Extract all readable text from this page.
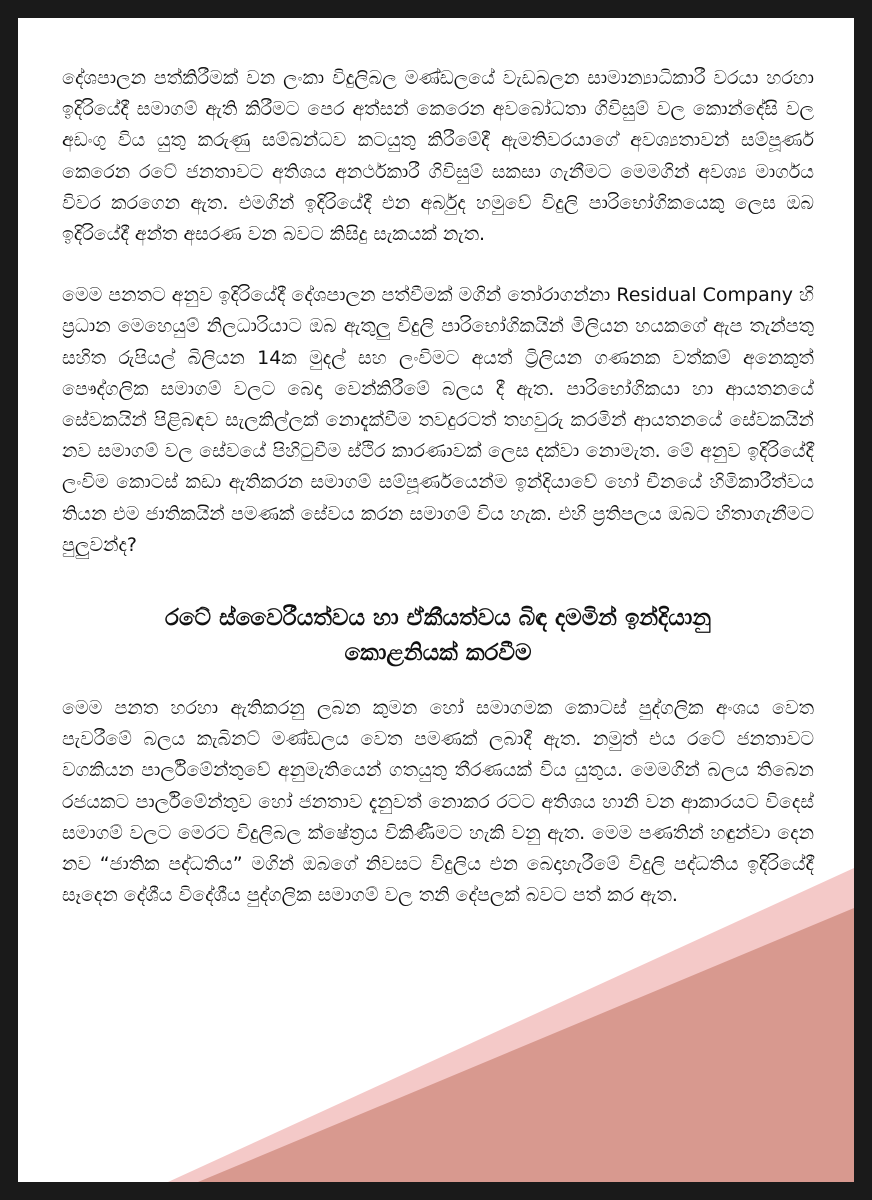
දේශපාලන පත්කිරීමක් වන ලංකා විදුලිබල මණ්ඩලයේ වැඩබලන සාමාන්‍යාධිකාරී වරයා හරහා ඉදිරියේදී සමාගම් ඇති කිරීමට පෙර අත්සන් කෙරෙන අවබෝධතා ගිවිසුම් වල කොන්දේසි වල අඩංගු විය යුතු කරුණු සම්බන්ධව කටයුතු කිරීමේදී ඇමතිවරයාගේ අවශ්‍යතාවන් සම්පූර්ණ කෙරෙන රටේ ජනතාවට අතිශය අනර්ථකාරී ගිවිසුම් සකසා ගැනීමට මෙමගින් අවශ්‍ය මාර්ගය විවර කරගෙන ඇත. එමගින් ඉදිරියේදී එන අර්බුද හමුවේ විදුලි පාරිභෝගිකයෙකු ලෙස ඔබ ඉදිරියේදී අන්ත අසරණ වන බවට කිසිදු සැකයක් නැත.

මෙම පනතට අනුව ඉදිරියේදී දේශපාලන පත්වීමක් මගින් තෝරාගන්නා Residual Company හි ප්‍රධාන මෙහෙයුම් නිලධාරියාට ඔබ ඇතුලු විදුලි පාරිභෝගිකයින් මිලියන හයකගේ ඇප තැන්පතු සහිත රුපියල් බිලියන 14ක මුදල් සහ ලංවිමට අයත් ට්‍රිලියන ගණනක වත්කම් අනෙකුත් පෞද්ගලික සමාගම් වලට බෙදා වෙන්කිරීමේ බලය දී ඇත. පාරිභෝගිකයා හා ආයතනයේ සේවකයින් පිළිබඳව සැලකිල්ලක් නොදැක්වීම තවදුරටත් තහවුරු කරමින් ආයතනයේ සේවකයින් නව සමාගම් වල සේවයේ පිහිටුවීම ස්ථිර කාරණාවක් ලෙස දක්වා නොමැත. මේ අනුව ඉදිරියේදී ලංවිම කොටස් කඩා ඇතිකරන සමාගම් සම්පූර්ණයෙන්ම ඉන්දියාවේ හෝ චීනයේ හිමිකාරීත්වය තියන එම ජාතිකයින් පමණක් සේවය කරන සමාගම් විය හැක. එහි ප්‍රතිපලය ඔබට හිතාගැනීමට පුලුවන්ද?

රටේ ස්වෛරීයත්වය හා ඒකීයත්වය බිඳ දමමින් ඉන්දියානු
කොළනියක් කරවීම

මෙම පනත හරහා ඇතිකරනු ලබන කුමන හෝ සමාගමක කොටස් පුද්ගලික අංශය වෙත පැවරීමේ බලය කැබිනට් මණ්ඩලය වෙත පමණක් ලබාදී ඇත. නමුත් එය රටේ ජනතාවට වගකියන පාර්ලිමේන්තුවේ අනුමැතියෙන් ගතයුතු තීරණයක් විය යුතුය. මෙමගින් බලය තිබෙන රජයකට පාර්ලිමේන්තුව හෝ ජනතාව දැනුවත් නොකර රටට අතිශය හානි වන ආකාරයට විදෙස් සමාගම් වලට මෙරට විදුලිබල ක්ෂේත්‍රය විකිණීමට හැකි වනු ඇත. මෙම පණතින් හඳුන්වා දෙන නව “ජාතික පද්ධතිය” මගින් ඔබගේ නිවසට විදුලිය එන බෙදාහැරීමේ විදුලි පද්ධතිය ඉදිරියේදී සෑදෙන දේශීය විදේශීය පුද්ගලික සමාගම් වල තනි දේපලක් බවට පත් කර ඇත.
